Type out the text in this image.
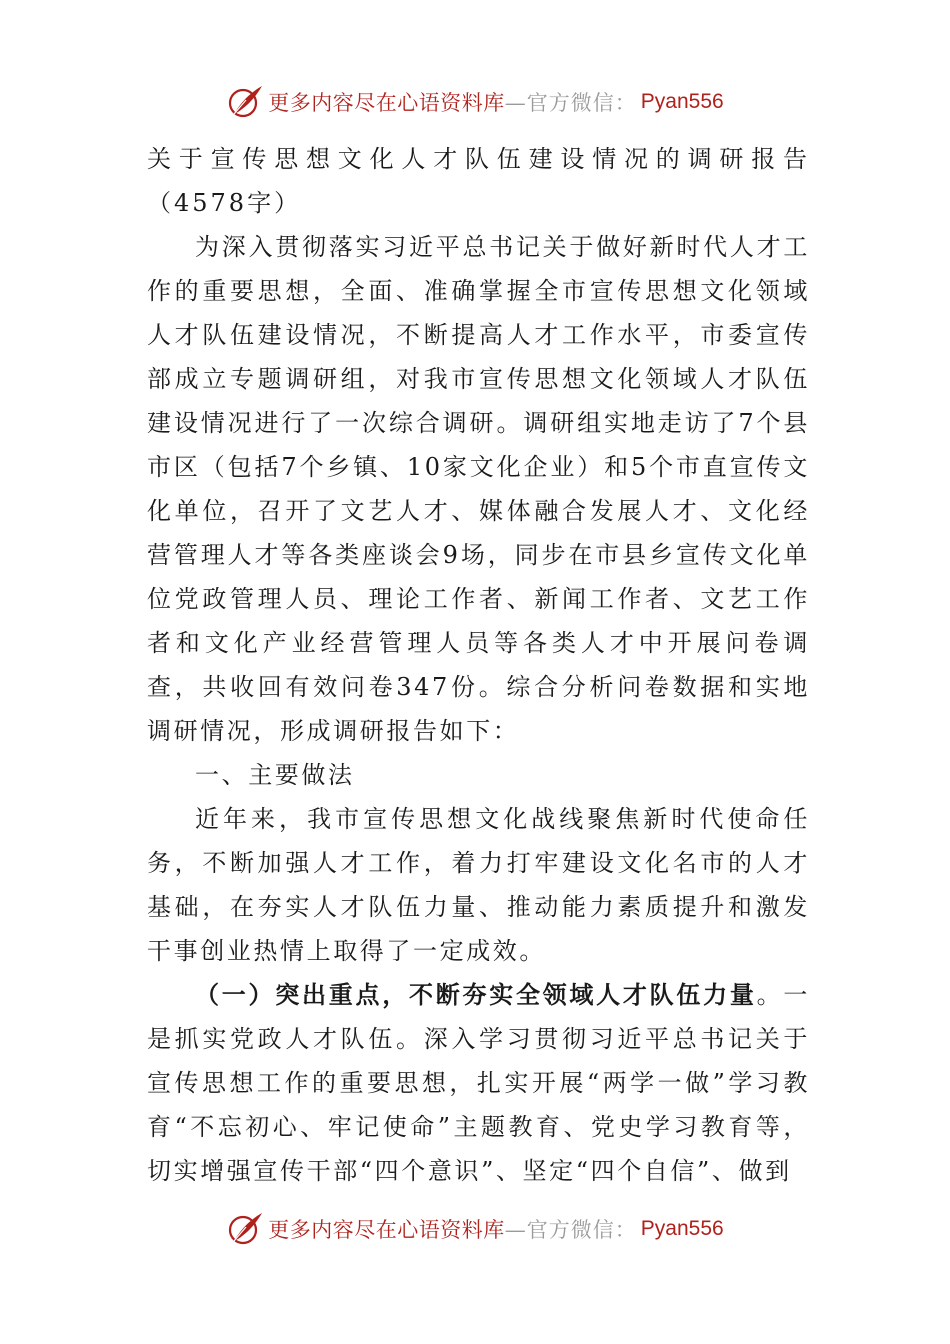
更多内容尽在心语资料库 —官方微信： Pyan556

关于宣传思想文化人才队伍建设情况的调研报告（4578字）

为深入贯彻落实习近平总书记关于做好新时代人才工作的重要思想，全面、准确掌握全市宣传思想文化领域人才队伍建设情况，不断提高人才工作水平，市委宣传部成立专题调研组，对我市宣传思想文化领域人才队伍建设情况进行了一次综合调研。调研组实地走访了7个县市区（包括7个乡镇、10家文化企业）和5个市直宣传文化单位，召开了文艺人才、媒体融合发展人才、文化经营管理人才等各类座谈会9场，同步在市县乡宣传文化单位党政管理人员、理论工作者、新闻工作者、文艺工作者和文化产业经营管理人员等各类人才中开展问卷调查，共收回有效问卷347份。综合分析问卷数据和实地调研情况，形成调研报告如下：

一、主要做法

近年来，我市宣传思想文化战线聚焦新时代使命任务，不断加强人才工作，着力打牢建设文化名市的人才基础，在夯实人才队伍力量、推动能力素质提升和激发干事创业热情上取得了一定成效。

（一）突出重点，不断夯实全领域人才队伍力量。一是抓实党政人才队伍。深入学习贯彻习近平总书记关于宣传思想工作的重要思想，扎实开展“两学一做”学习教育“不忘初心、牢记使命”主题教育、党史学习教育等，切实增强宣传干部“四个意识”、坚定“四个自信”、做到

更多内容尽在心语资料库 —官方微信： Pyan556
